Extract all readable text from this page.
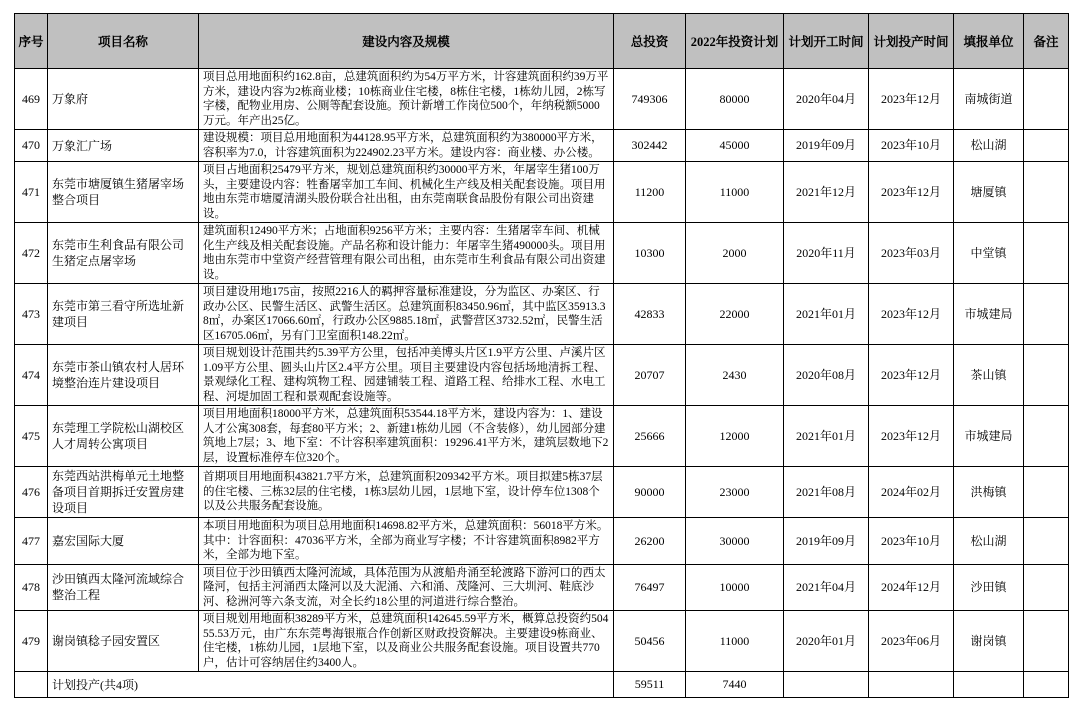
序号	项目名称	建设内容及规模	总投资	2022年投资计划	计划开工时间	计划投产时间	填报单位	备注
469	万象府	项目总用地面积约162.8亩，总建筑面积约为54万平方米，计容建筑面积约39万平方米，建设内容为2栋商业楼；10栋商业住宅楼，8栋住宅楼，1栋幼儿园，2栋写字楼，配物业用房、公厕等配套设施。预计新增工作岗位500个，年纳税额5000万元。年产出25亿。	749306	80000	2020年04月	2023年12月	南城街道	
470	万象汇广场	建设规模：项目总用地面积为44128.95平方米，总建筑面积约为380000平方米，容积率为7.0，计容建筑面积为224902.23平方米。建设内容：商业楼、办公楼。	302442	45000	2019年09月	2023年10月	松山湖	
471	东莞市塘厦镇生猪屠宰场整合项目	项目占地面积25479平方米，规划总建筑面积约30000平方米，年屠宰生猪100万头，主要建设内容：牲畜屠宰加工车间、机械化生产线及相关配套设施。项目用地由东莞市塘厦清湖头股份联合社出租，由东莞南联食品股份有限公司出资建设。	11200	11000	2021年12月	2023年12月	塘厦镇	
472	东莞市生利食品有限公司生猪定点屠宰场	建筑面积12490平方米；占地面积9256平方米；主要内容：生猪屠宰车间、机械化生产线及相关配套设施。产品名称和设计能力：年屠宰生猪490000头。项目用地由东莞市中堂资产经营管理有限公司出租，由东莞市生利食品有限公司出资建设。	10300	2000	2020年11月	2023年03月	中堂镇	
473	东莞市第三看守所选址新建项目	项目建设用地175亩，按照2216人的羁押容量标准建设，分为监区、办案区、行政办公区、民警生活区、武警生活区。总建筑面积83450.96㎡，其中监区35913.38㎡，办案区17066.60㎡，行政办公区9885.18㎡，武警营区3732.52㎡，民警生活区16705.06㎡，另有门卫室面积148.22㎡。	42833	22000	2021年01月	2023年12月	市城建局	
474	东莞市茶山镇农村人居环境整治连片建设项目	项目规划设计范围共约5.39平方公里，包括冲美博头片区1.9平方公里、卢溪片区1.09平方公里、圆头山片区2.4平方公里。项目主要建设内容包括场地清拆工程、景观绿化工程、建构筑物工程、园建铺装工程、道路工程、给排水工程、水电工程、河堤加固工程和景观配套设施等。	20707	2430	2020年08月	2023年12月	茶山镇	
475	东莞理工学院松山湖校区人才周转公寓项目	项目用地面积18000平方米，总建筑面积53544.18平方米，建设内容为：1、建设人才公寓308套，每套80平方米；2、新建1栋幼儿园（不含装修），幼儿园部分建筑地上7层；3、地下室：不计容积率建筑面积：19296.41平方米，建筑层数地下2层，设置标准停车位320个。	25666	12000	2021年01月	2023年12月	市城建局	
476	东莞西站洪梅单元土地整备项目首期拆迁安置房建设项目	首期项目用地面积43821.7平方米，总建筑面积209342平方米。项目拟建5栋37层的住宅楼、三栋32层的住宅楼，1栋3层幼儿园，1层地下室，设计停车位1308个以及公共服务配套设施。	90000	23000	2021年08月	2024年02月	洪梅镇	
477	嘉宏国际大厦	本项目用地面积为项目总用地面积14698.82平方米，总建筑面积：56018平方米。其中：计容面积：47036平方米，全部为商业写字楼；不计容建筑面积8982平方米，全部为地下室。	26200	30000	2019年09月	2023年10月	松山湖	
478	沙田镇西太隆河流域综合整治工程	项目位于沙田镇西太隆河流域，具体范围为从渡船舟涌至轮渡路下游河口的西太隆河，包括主河涌西太隆河以及大泥涌、六和涌、茂隆河、三大圳河、鞋底沙河、稔洲河等六条支流，对全长约18公里的河道进行综合整治。	76497	10000	2021年04月	2024年12月	沙田镇	
479	谢岗镇稔子园安置区	项目规划用地面积38289平方米，总建筑面积142645.59平方米，概算总投资约50455.53万元，由广东东莞粤海银瓶合作创新区财政投资解决。主要建设9栋商业、住宅楼，1栋幼儿园，1层地下室，以及商业公共服务配套设施。项目设置共770户，估计可容纳居住约3400人。	50456	11000	2020年01月	2023年06月	谢岗镇	
	计划投产(共4项)		59511	7440				
